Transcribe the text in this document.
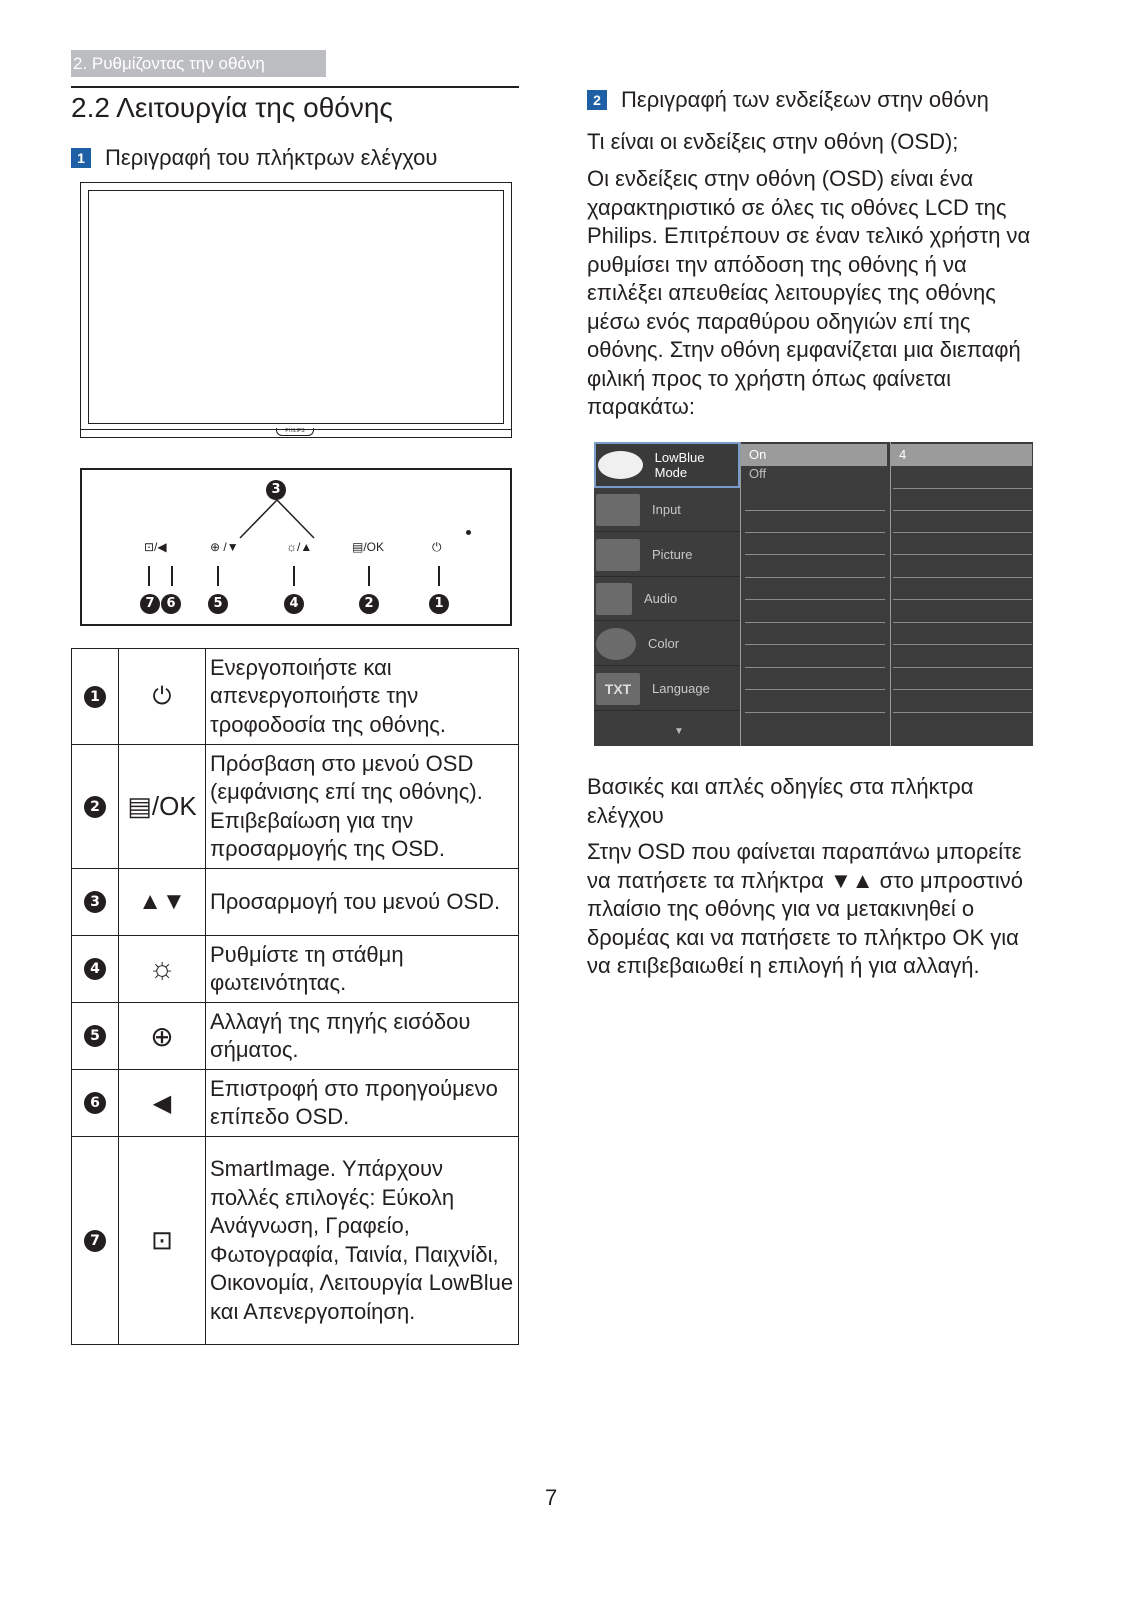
2. Ρυθμίζοντας την οθόνη
2.2 Λειτουργία της οθόνης
1 Περιγραφή του πλήκτρων ελέγχου
PHILIPS
3
⊡/◀	⊕ /▼	☼/▲	▤/OK	⏻
7 6	5	4	2	1
1	⏻	Ενεργοποιήστε και απενεργοποιήστε την τροφοδοσία της οθόνης.
2	▤/OK	Πρόσβαση στο μενού OSD (εμφάνισης επί της οθόνης). Επιβεβαίωση για την προσαρμογής της OSD.
3	▲▼	Προσαρμογή του μενού OSD.
4	☼	Ρυθμίστε τη στάθμη φωτεινότητας.
5	⊕	Αλλαγή της πηγής εισόδου σήματος.
6	◀	Επιστροφή στο προηγούμενο επίπεδο OSD.
7	⊡	SmartImage. Υπάρχουν πολλές επιλογές: Εύκολη Ανάγνωση, Γραφείο, Φωτογραφία, Ταινία, Παιχνίδι, Οικονομία, Λειτουργία LowBlue και Απενεργοποίηση.
2 Περιγραφή των ενδείξεων στην οθόνη
Τι είναι οι ενδείξεις στην οθόνη (OSD);
Οι ενδείξεις στην οθόνη (OSD) είναι ένα χαρακτηριστικό σε όλες τις οθόνες LCD της Philips. Επιτρέπουν σε έναν τελικό χρήστη να ρυθμίσει την απόδοση της οθόνης ή να επιλέξει απευθείας λειτουργίες της οθόνης μέσω ενός παραθύρου οδηγιών επί της οθόνης. Στην οθόνη εμφανίζεται μια διεπαφή φιλική προς το χρήστη όπως φαίνεται παρακάτω:
LowBlue Mode
Input
Picture
Audio
Color
TXT	Language
▼
On
Off
4
Βασικές και απλές οδηγίες στα πλήκτρα ελέγχου
Στην OSD που φαίνεται παραπάνω μπορείτε να πατήσετε τα πλήκτρα ▼▲ στο μπροστινό πλαίσιο της οθόνης για να μετακινηθεί ο δρομέας και να πατήσετε το πλήκτρο OK για να επιβεβαιωθεί η επιλογή ή για αλλαγή.
7
